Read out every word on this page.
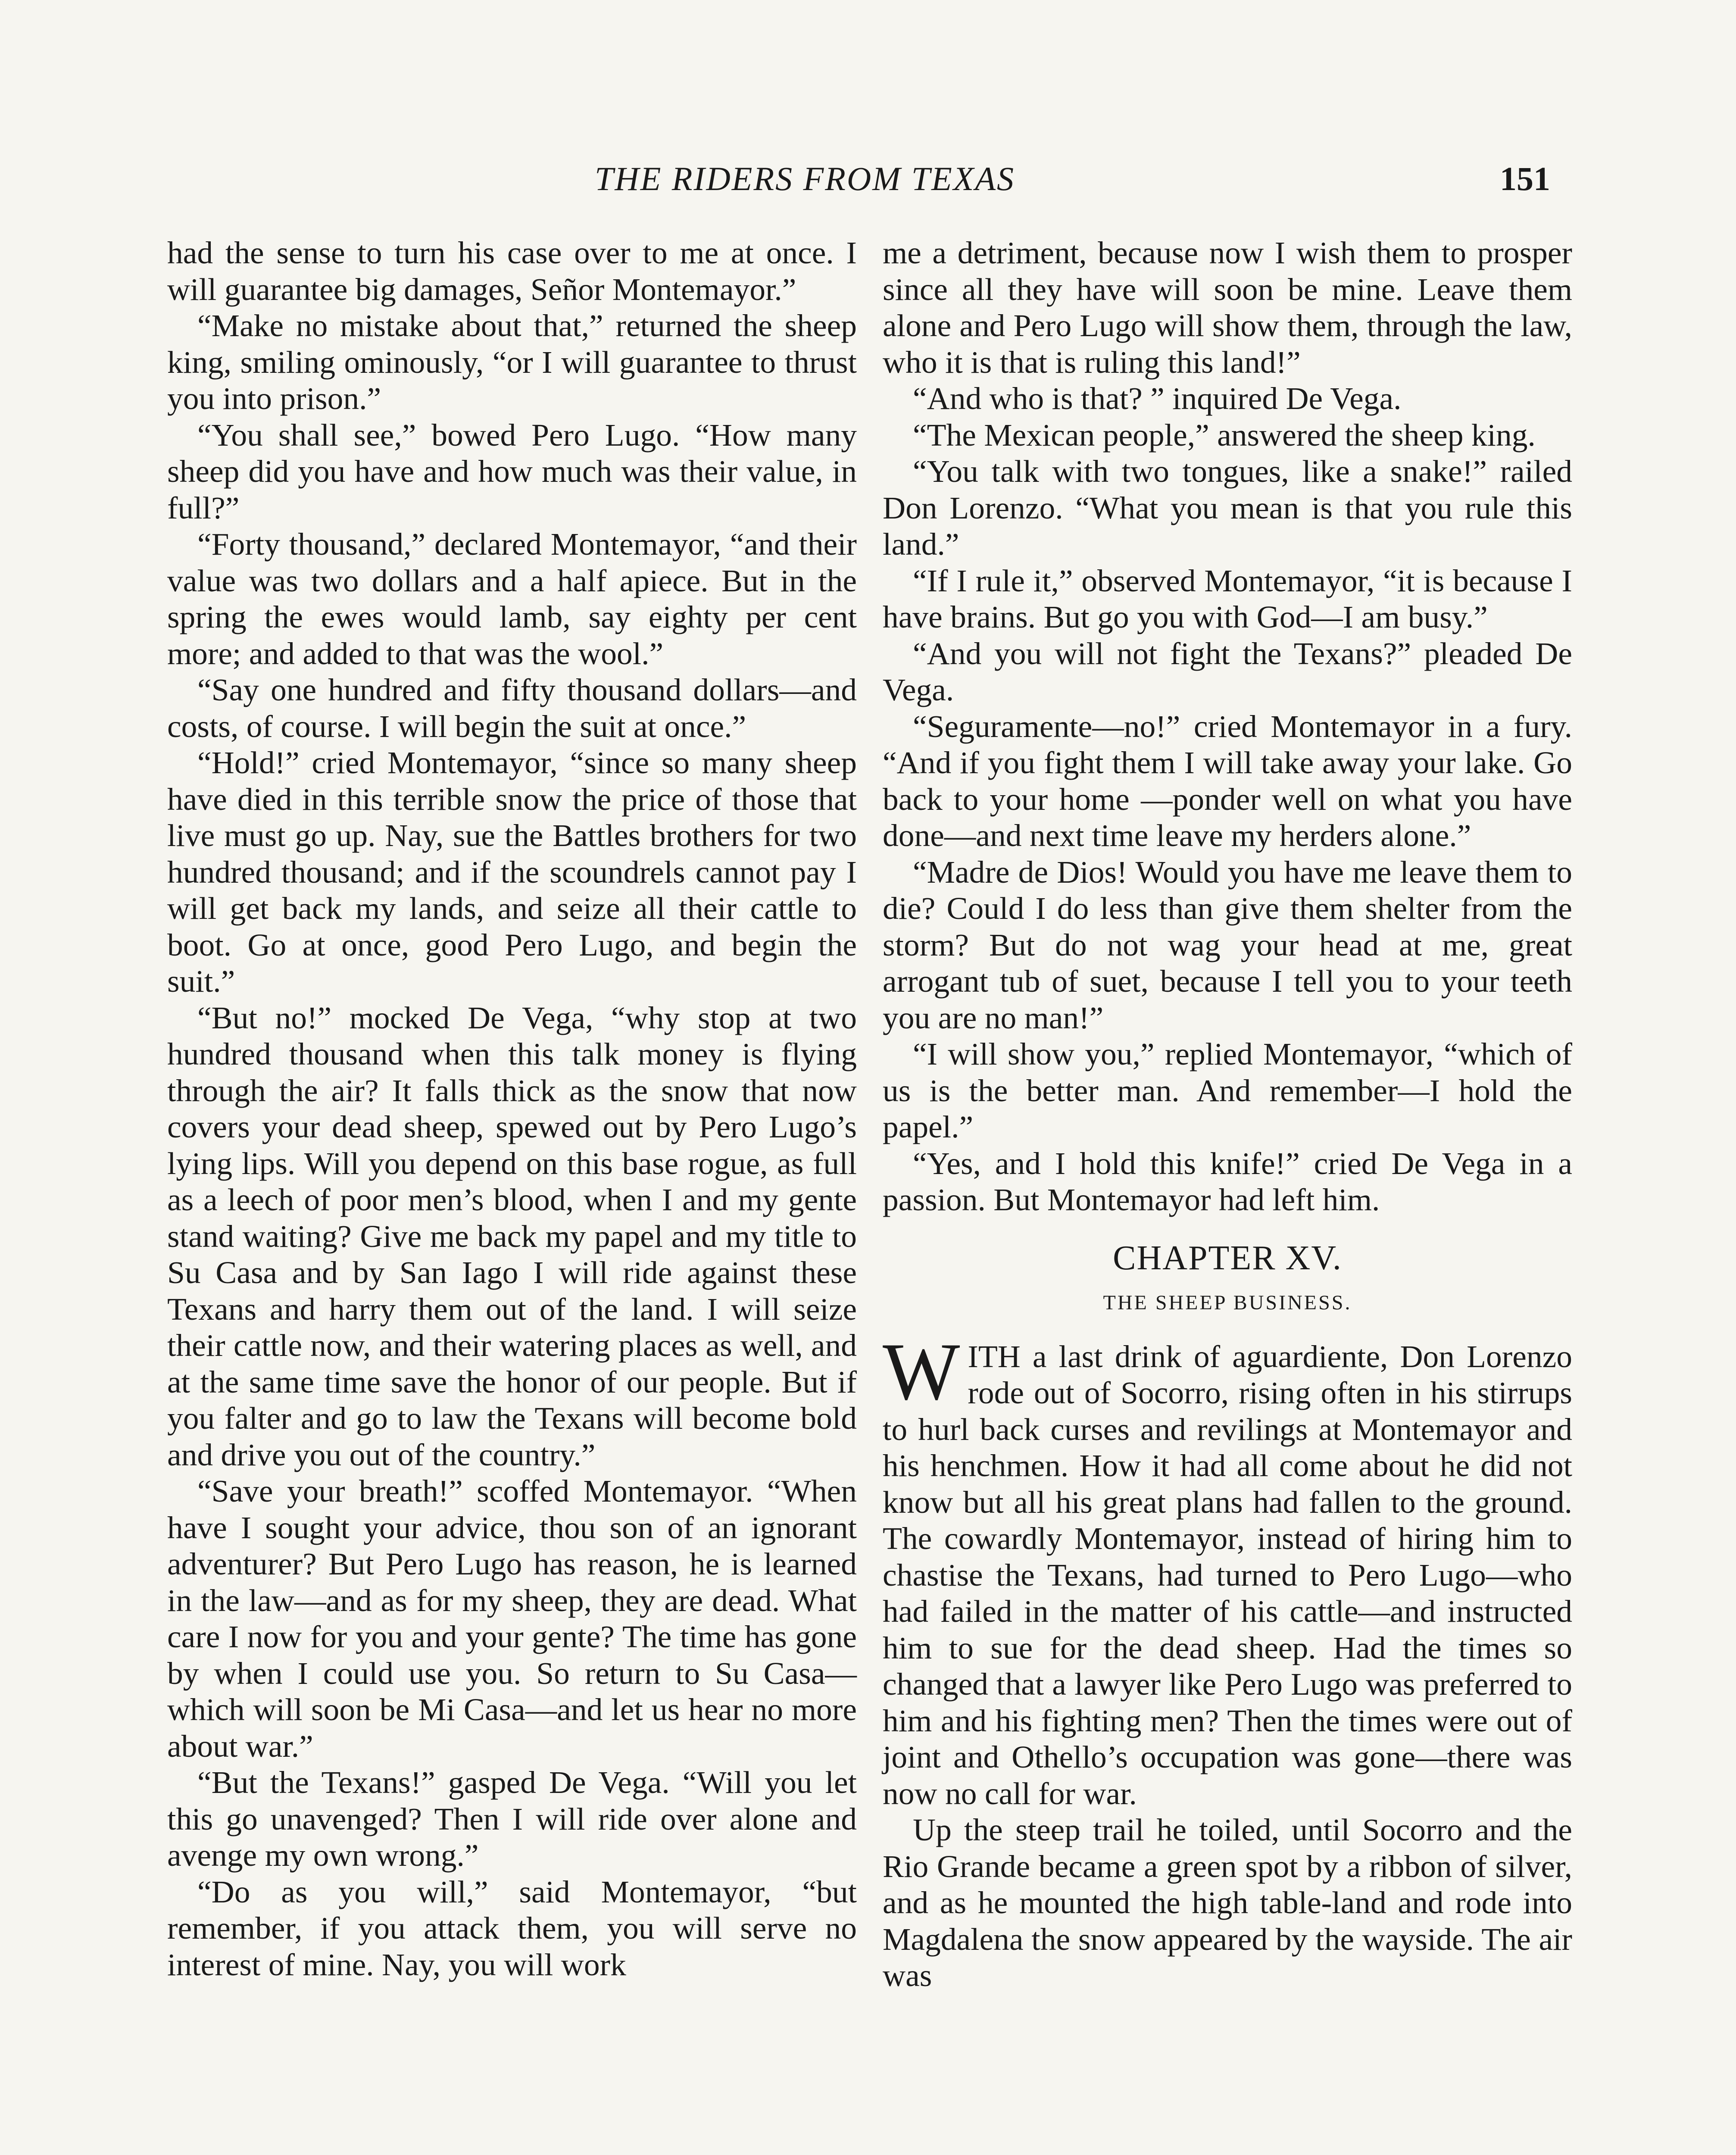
THE RIDERS FROM TEXAS	151

had the sense to turn his case over to me at once. I will guarantee big damages, Señor Montemayor.”

“Make no mistake about that,” returned the sheep king, smiling ominously, “or I will guarantee to thrust you into prison.”

“You shall see,” bowed Pero Lugo. “How many sheep did you have and how much was their value, in full?”

“Forty thousand,” declared Montemayor, “and their value was two dollars and a half apiece. But in the spring the ewes would lamb, say eighty per cent more; and added to that was the wool.”

“Say one hundred and fifty thousand dollars—and costs, of course. I will begin the suit at once.”

“Hold!” cried Montemayor, “since so many sheep have died in this terrible snow the price of those that live must go up. Nay, sue the Battles brothers for two hundred thousand; and if the scoundrels cannot pay I will get back my lands, and seize all their cattle to boot. Go at once, good Pero Lugo, and begin the suit.”

“But no!” mocked De Vega, “why stop at two hundred thousand when this talk money is flying through the air? It falls thick as the snow that now covers your dead sheep, spewed out by Pero Lugo’s lying lips. Will you depend on this base rogue, as full as a leech of poor men’s blood, when I and my gente stand waiting? Give me back my papel and my title to Su Casa and by San Iago I will ride against these Texans and harry them out of the land. I will seize their cattle now, and their watering places as well, and at the same time save the honor of our people. But if you falter and go to law the Texans will become bold and drive you out of the country.”

“Save your breath!” scoffed Montemayor. “When have I sought your advice, thou son of an ignorant adventurer? But Pero Lugo has reason, he is learned in the law—and as for my sheep, they are dead. What care I now for you and your gente? The time has gone by when I could use you. So return to Su Casa—which will soon be Mi Casa—and let us hear no more about war.”

“But the Texans!” gasped De Vega. “Will you let this go unavenged? Then I will ride over alone and avenge my own wrong.”

“Do as you will,” said Montemayor, “but remember, if you attack them, you will serve no interest of mine. Nay, you will work

me a detriment, because now I wish them to prosper since all they have will soon be mine. Leave them alone and Pero Lugo will show them, through the law, who it is that is ruling this land!”

“And who is that? ” inquired De Vega.

“The Mexican people,” answered the sheep king.

“You talk with two tongues, like a snake!” railed Don Lorenzo. “What you mean is that you rule this land.”

“If I rule it,” observed Montemayor, “it is because I have brains. But go you with God—I am busy.”

“And you will not fight the Texans?” pleaded De Vega.

“Seguramente—no!” cried Montemayor in a fury. “And if you fight them I will take away your lake. Go back to your home —ponder well on what you have done—and next time leave my herders alone.”

“Madre de Dios! Would you have me leave them to die? Could I do less than give them shelter from the storm? But do not wag your head at me, great arrogant tub of suet, because I tell you to your teeth you are no man!”

“I will show you,” replied Montemayor, “which of us is the better man. And remember—I hold the papel.”

“Yes, and I hold this knife!” cried De Vega in a passion. But Montemayor had left him.

CHAPTER XV.
THE SHEEP BUSINESS.

WITH a last drink of aguardiente, Don Lorenzo rode out of Socorro, rising often in his stirrups to hurl back curses and revilings at Montemayor and his henchmen. How it had all come about he did not know but all his great plans had fallen to the ground. The cowardly Montemayor, instead of hiring him to chastise the Texans, had turned to Pero Lugo—who had failed in the matter of his cattle—and instructed him to sue for the dead sheep. Had the times so changed that a lawyer like Pero Lugo was preferred to him and his fighting men? Then the times were out of joint and Othello’s occupation was gone—there was now no call for war.

Up the steep trail he toiled, until Socorro and the Rio Grande became a green spot by a ribbon of silver, and as he mounted the high table-land and rode into Magdalena the snow appeared by the wayside. The air was
